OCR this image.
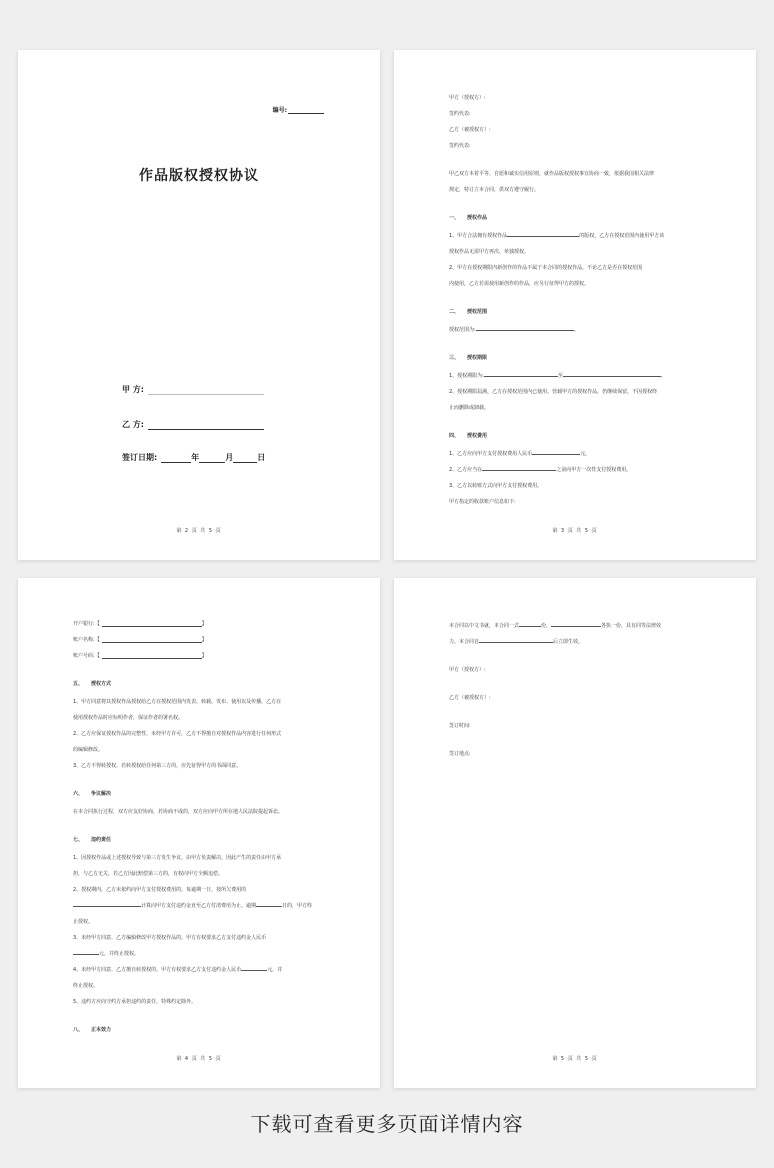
编号:
作品版权授权协议
甲 方:
乙 方:
签订日期:	年	月	日
第 2 页 共 5 页

甲方（授权方）:

签约代表:

乙方（被授权方）:

签约代表:

甲乙双方本着平等、自愿和诚实信用原则，就作品版权授权事宜协商一致，依据我国相关法律

规定，特订立本合同，供双方遵守履行。

一、 授权作品

1、甲方合法拥有授权作品	的版权，乙方在授权范围内使用甲方该

授权作品无需甲方再次、单独授权。

2、甲方在授权期限内新创作的作品不属于本合同的授权作品，不论乙方是否在授权范围

内使用，乙方若需使用新创作的作品，应另行征得甲方的授权。

二、 授权范围

授权范围为:	。

三、 授权期限

1、授权期限为:	至	。

2、授权期限届满，乙方在授权范围内已使用、营载甲方的授权作品，仍继续保留，不因授权终

止而删除或卸载。

四、 授权费用

1、乙方应向甲方支付授权费用人民币	元。

2、乙方应当在	之前向甲方一次性支付授权费用。

3、乙方以转账方式向甲方支付授权费用。

甲方指定的收款账户信息如下:

第 3 页 共 5 页

开户银行: 【	】

账户名称: 【	】

账户号码: 【	】

五、 授权方式

1、甲方同意将其授权作品授权给乙方在授权范围内发表、转载、发布、使用以及传播，乙方在

使用授权作品时应标明作者，保证作者的署名权。

2、乙方应保证授权作品的完整性，未经甲方许可，乙方不得擅自对授权作品内容进行任何形式

的编辑修改。

3、乙方不得转授权，若转授权给任何第三方的，应先征得甲方的书面同意。

六、 争议解决

在本合同执行过程，双方应友好协商，若协商不成的，双方应向甲方所在地人民法院提起诉讼。

七、 违约责任

1、因授权作品或上述授权导致与第三方发生争议，由甲方负责解决，因此产生的责任由甲方承

担，与乙方无关，若乙方因此赔偿第三方的，有权向甲方全额追偿。

2、授权期内，乙方未依约向甲方支付授权费用的，每逾期一日，按所欠费用的

计算向甲方支付违约金直至乙方付清费用为止。逾期	日的，甲方终

止授权。

3、未经甲方同意，乙方编辑修改甲方授权作品的，甲方有权要求乙方支付违约金人民币

元，并终止授权。

4、未经甲方同意，乙方擅自转授权的，甲方有权要求乙方支付违约金人民币	元，并

终止授权。

5、违约方应向守约方承担违约的责任，特殊约定除外。

八、 正本效力

第 4 页 共 5 页

本合同以中文书就，本合同一式	份，	各执一份，具有同等法律效

力。本合同自	后立即生效。

甲方（授权方）:

乙方（被授权方）:

签订时间:

签订地点:

第 5 页 共 5 页
下载可查看更多页面详情内容
